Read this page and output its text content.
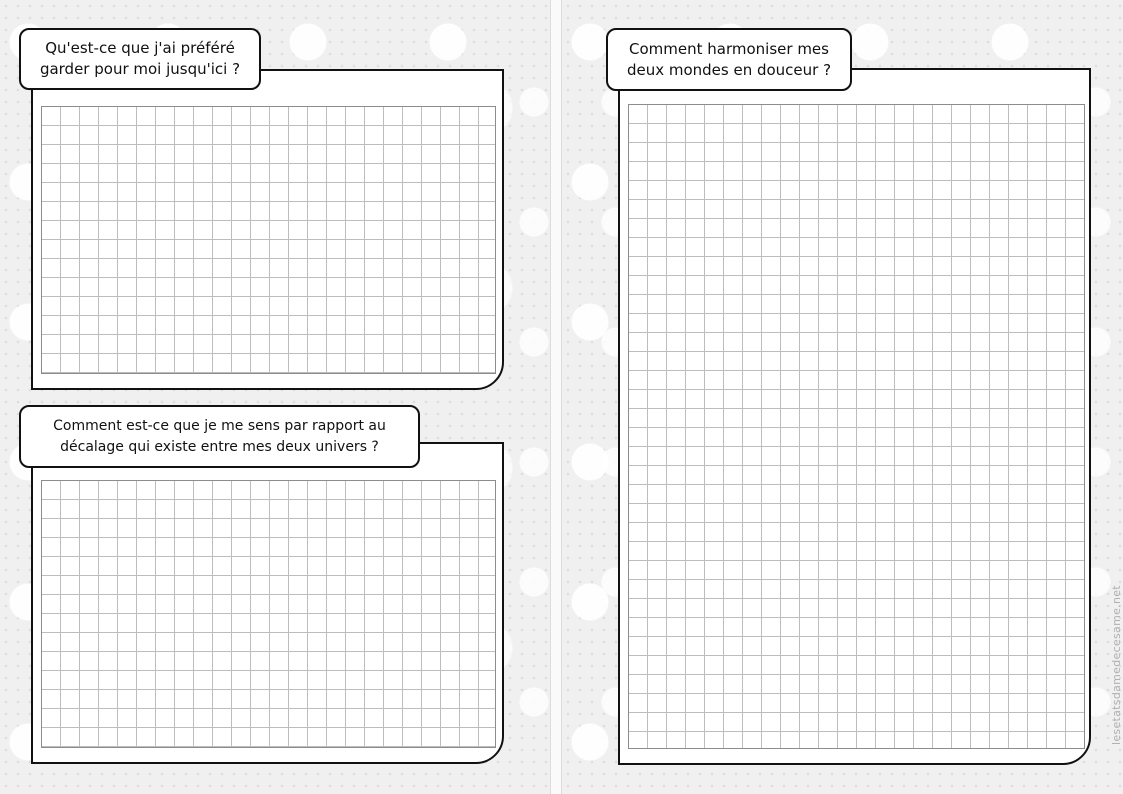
Qu'est-ce que j'ai préféré
garder pour moi jusqu'ici ?
Comment est-ce que je me sens par rapport au
décalage qui existe entre mes deux univers ?
Comment harmoniser mes
deux mondes en douceur ?
lesetatsdamedecesame.net
